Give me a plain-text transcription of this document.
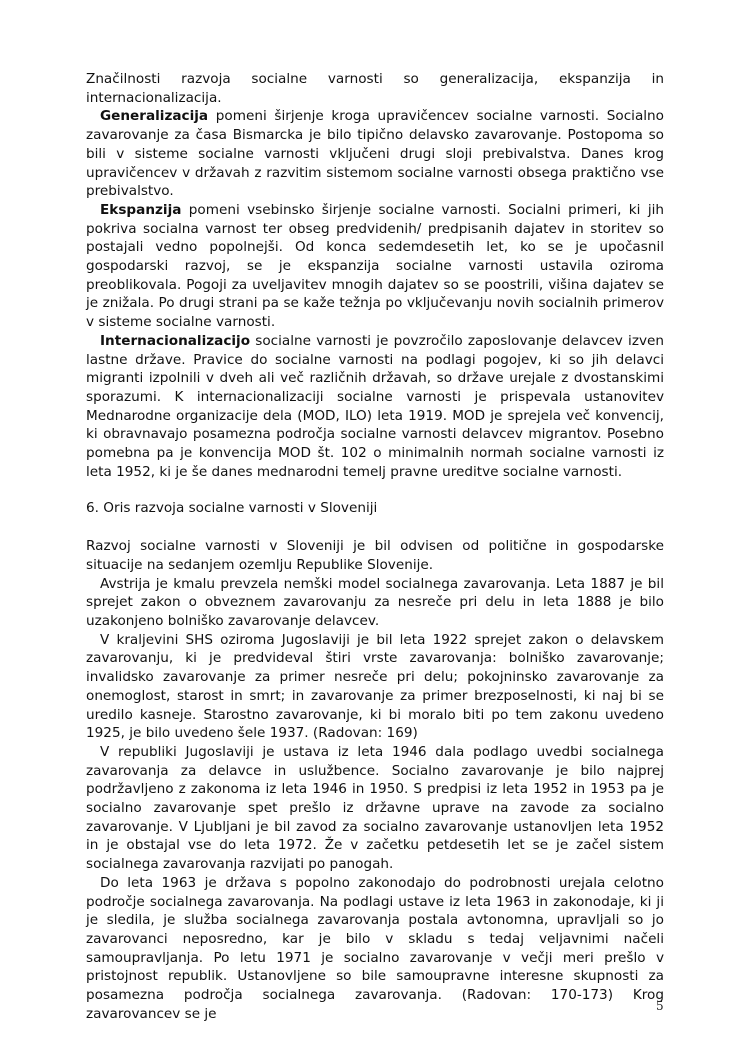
Značilnosti razvoja socialne varnosti so generalizacija, ekspanzija in internacionalizacija.

Generalizacija pomeni širjenje kroga upravičencev socialne varnosti. Socialno zavarovanje za časa Bismarcka je bilo tipično delavsko zavarovanje. Postopoma so bili v sisteme socialne varnosti vključeni drugi sloji prebivalstva. Danes krog upravičencev v državah z razvitim sistemom socialne varnosti obsega praktično vse prebivalstvo.

Ekspanzija pomeni vsebinsko širjenje socialne varnosti. Socialni primeri, ki jih pokriva socialna varnost ter obseg predvidenih/ predpisanih dajatev in storitev so postajali vedno popolnejši. Od konca sedemdesetih let, ko se je upočasnil gospodarski razvoj, se je ekspanzija socialne varnosti ustavila oziroma preoblikovala. Pogoji za uveljavitev mnogih dajatev so se poostrili, višina dajatev se je znižala. Po drugi strani pa se kaže težnja po vključevanju novih socialnih primerov v sisteme socialne varnosti.

Internacionalizacijo socialne varnosti je povzročilo zaposlovanje delavcev izven lastne države. Pravice do socialne varnosti na podlagi pogojev, ki so jih delavci migranti izpolnili v dveh ali več različnih državah, so države urejale z dvostanskimi sporazumi. K internacionalizaciji socialne varnosti je prispevala ustanovitev Mednarodne organizacije dela (MOD, ILO) leta 1919. MOD je sprejela več konvencij, ki obravnavajo posamezna področja socialne varnosti delavcev migrantov. Posebno pomebna pa je konvencija MOD št. 102 o minimalnih normah socialne varnosti iz leta 1952, ki je še danes mednarodni temelj pravne ureditve socialne varnosti.

6. Oris razvoja socialne varnosti v Sloveniji

Razvoj socialne varnosti v Sloveniji je bil odvisen od politične in gospodarske situacije na sedanjem ozemlju Republike Slovenije.

Avstrija je kmalu prevzela nemški model socialnega zavarovanja. Leta 1887 je bil sprejet zakon o obveznem zavarovanju za nesreče pri delu in leta 1888 je bilo uzakonjeno bolniško zavarovanje delavcev.

V kraljevini SHS oziroma Jugoslaviji je bil leta 1922 sprejet zakon o delavskem zavarovanju, ki je predvideval štiri vrste zavarovanja: bolniško zavarovanje; invalidsko zavarovanje za primer nesreče pri delu; pokojninsko zavarovanje za onemoglost, starost in smrt; in zavarovanje za primer brezposelnosti, ki naj bi se uredilo kasneje. Starostno zavarovanje, ki bi moralo biti po tem zakonu uvedeno 1925, je bilo uvedeno šele 1937. (Radovan: 169)

V republiki Jugoslaviji je ustava iz leta 1946 dala podlago uvedbi socialnega zavarovanja za delavce in uslužbence. Socialno zavarovanje je bilo najprej podržavljeno z zakonoma iz leta 1946 in 1950. S predpisi iz leta 1952 in 1953 pa je socialno zavarovanje spet prešlo iz državne uprave na zavode za socialno zavarovanje. V Ljubljani je bil zavod za socialno zavarovanje ustanovljen leta 1952 in je obstajal vse do leta 1972. Že v začetku petdesetih let se je začel sistem socialnega zavarovanja razvijati po panogah.

Do leta 1963 je država s popolno zakonodajo do podrobnosti urejala celotno področje socialnega zavarovanja. Na podlagi ustave iz leta 1963 in zakonodaje, ki ji je sledila, je služba socialnega zavarovanja postala avtonomna, upravljali so jo zavarovanci neposredno, kar je bilo v skladu s tedaj veljavnimi načeli samoupravljanja. Po letu 1971 je socialno zavarovanje v večji meri prešlo v pristojnost republik. Ustanovljene so bile samoupravne interesne skupnosti za posamezna področja socialnega zavarovanja. (Radovan: 170-173) Krog zavarovancev se je	5
